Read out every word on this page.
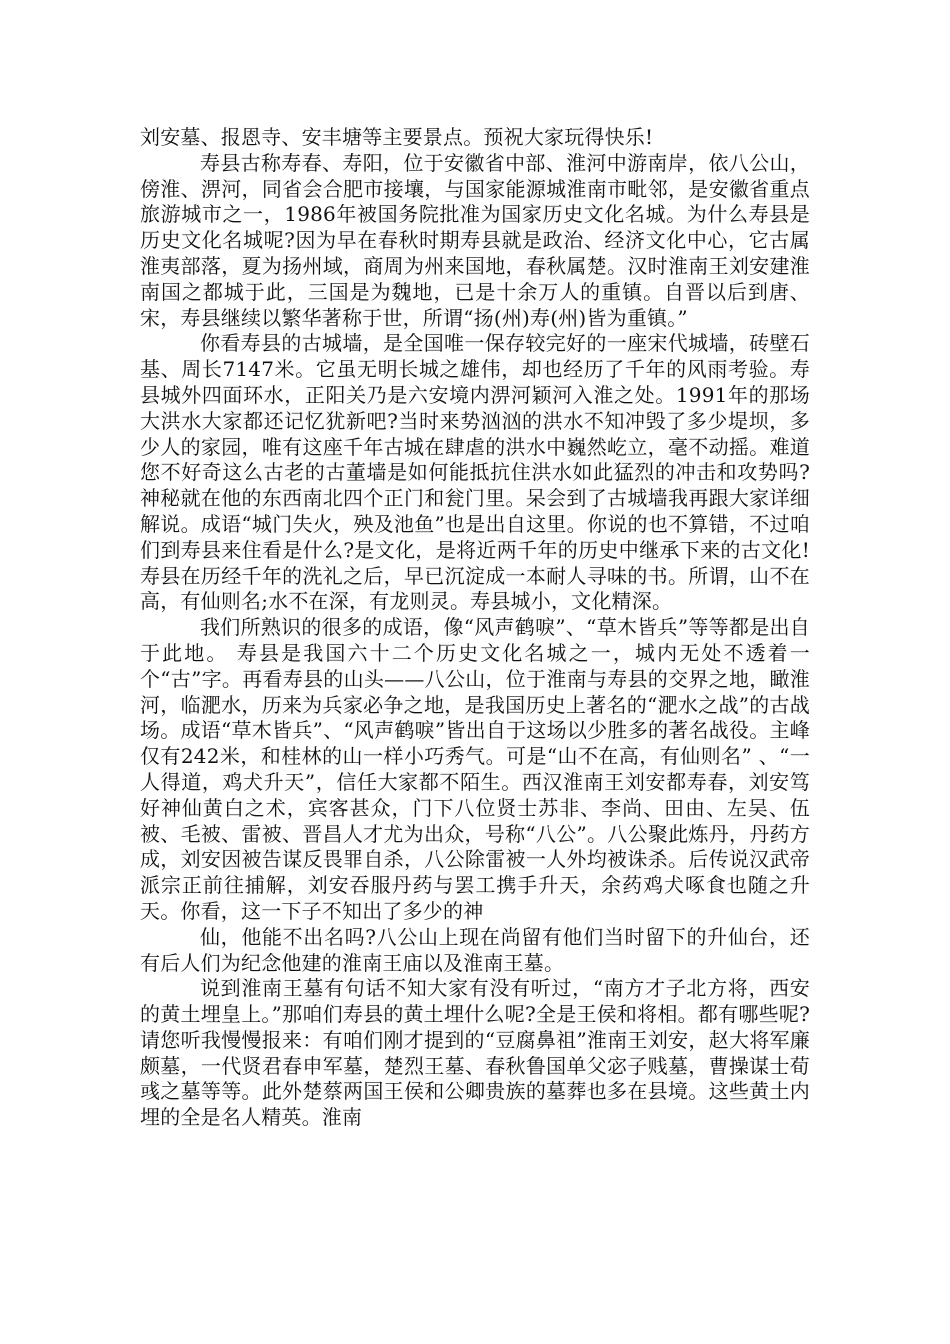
刘安墓、报恩寺、安丰塘等主要景点。预祝大家玩得快乐!

寿县古称寿春、寿阳，位于安徽省中部、淮河中游南岸，依八公山，傍淮、淠河，同省会合肥市接壤，与国家能源城淮南市毗邻，是安徽省重点旅游城市之一，1986年被国务院批准为国家历史文化名城。为什么寿县是历史文化名城呢?因为早在春秋时期寿县就是政治、经济文化中心，它古属淮夷部落，夏为扬州域，商周为州来国地，春秋属楚。汉时淮南王刘安建淮南国之都城于此，三国是为魏地，已是十余万人的重镇。自晋以后到唐、宋，寿县继续以繁华著称于世，所谓“扬(州)寿(州)皆为重镇。”

你看寿县的古城墙，是全国唯一保存较完好的一座宋代城墙，砖壁石基、周长7147米。它虽无明长城之雄伟，却也经历了千年的风雨考验。寿县城外四面环水，正阳关乃是六安境内淠河颖河入淮之处。1991年的那场大洪水大家都还记忆犹新吧?当时来势汹汹的洪水不知冲毁了多少堤坝，多少人的家园，唯有这座千年古城在肆虐的洪水中巍然屹立，毫不动摇。难道您不好奇这么古老的古董墙是如何能抵抗住洪水如此猛烈的冲击和攻势吗?神秘就在他的东西南北四个正门和瓮门里。呆会到了古城墙我再跟大家详细解说。成语“城门失火，殃及池鱼”也是出自这里。你说的也不算错，不过咱们到寿县来住看是什么?是文化，是将近两千年的历史中继承下来的古文化!寿县在历经千年的洗礼之后，早已沉淀成一本耐人寻味的书。所谓，山不在高，有仙则名;水不在深，有龙则灵。寿县城小，文化精深。

我们所熟识的很多的成语，像“风声鹤唳”、“草木皆兵”等等都是出自于此地。 寿县是我国六十二个历史文化名城之一，城内无处不透着一个“古”字。再看寿县的山头——八公山，位于淮南与寿县的交界之地，瞰淮河，临淝水，历来为兵家必争之地，是我国历史上著名的“淝水之战”的古战场。成语“草木皆兵”、“风声鹤唳”皆出自于这场以少胜多的著名战役。主峰仅有242米，和桂林的山一样小巧秀气。可是“山不在高，有仙则名” 、“一人得道，鸡犬升天”，信任大家都不陌生。西汉淮南王刘安都寿春，刘安笃好神仙黄白之术，宾客甚众，门下八位贤士苏非、李尚、田由、左吴、伍被、毛被、雷被、晋昌人才尤为出众，号称“八公”。八公聚此炼丹，丹药方成，刘安因被告谋反畏罪自杀，八公除雷被一人外均被诛杀。后传说汉武帝派宗正前往捕解，刘安吞服丹药与罢工携手升天，余药鸡犬啄食也随之升天。你看，这一下子不知出了多少的神

仙，他能不出名吗?八公山上现在尚留有他们当时留下的升仙台，还有后人们为纪念他建的淮南王庙以及淮南王墓。

说到淮南王墓有句话不知大家有没有听过，“南方才子北方将，西安的黄土埋皇上。”那咱们寿县的黄土埋什么呢?全是王侯和将相。都有哪些呢?请您听我慢慢报来：有咱们刚才提到的“豆腐鼻祖”淮南王刘安，赵大将军廉颇墓，一代贤君春申军墓，楚烈王墓、春秋鲁国单父宓子贱墓，曹操谋士荀彧之墓等等。此外楚蔡两国王侯和公卿贵族的墓葬也多在县境。这些黄土内埋的全是名人精英。淮南
